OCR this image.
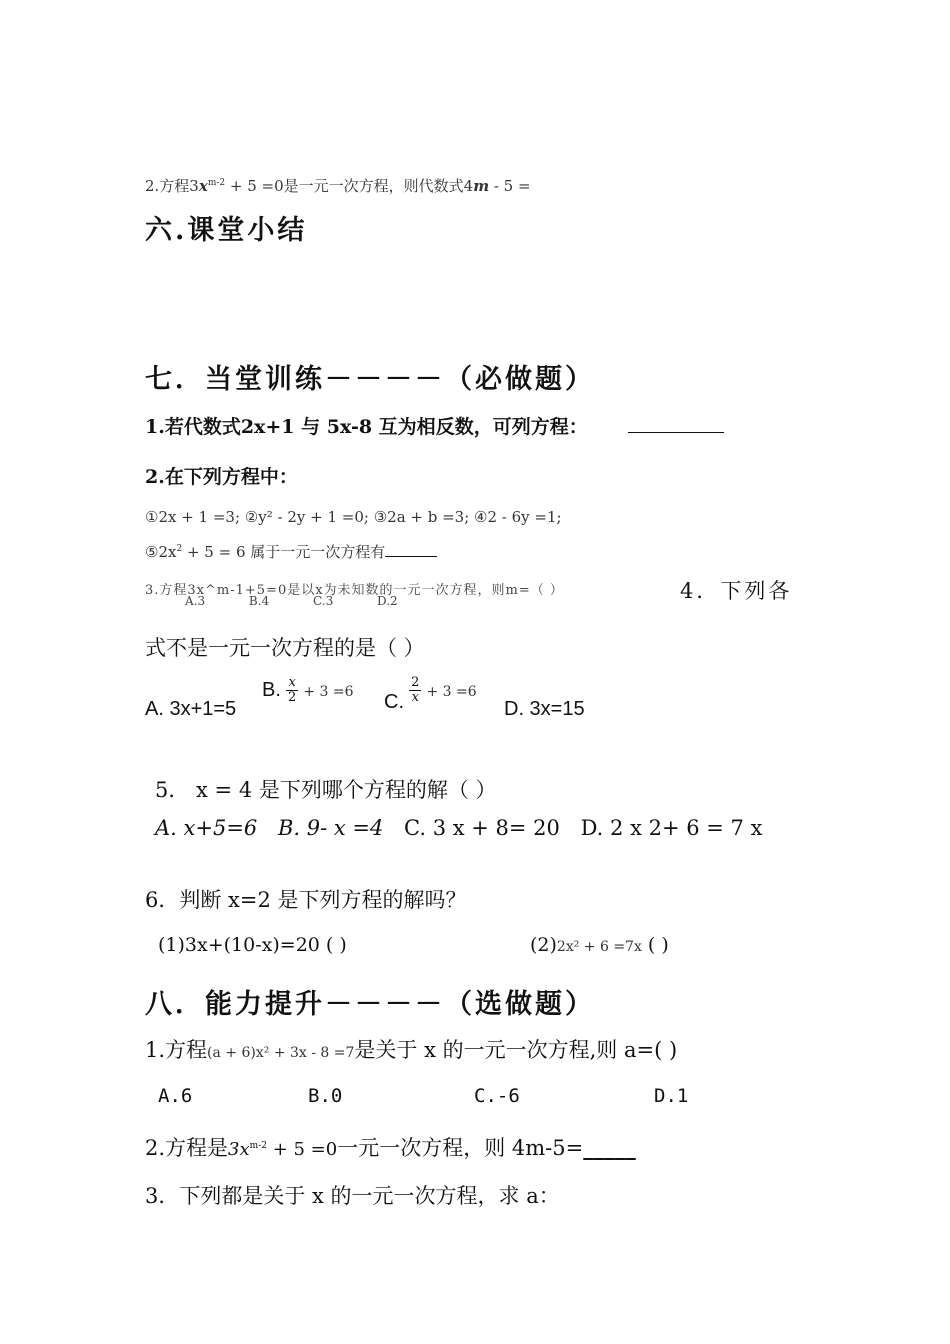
2.方程$3x^{m-2} + 5 =0$是一元一次方程，则代数式4m - 5 =
六.课堂小结
七．当堂训练－－－－（必做题）
1.若代数式2x+1 与 5x-8 互为相反数，可列方程：
2.在下列方程中：
①2x + 1 =3; ②y² - 2y + 1 =0; ③2a + b =3; ④2 - 6y =1;
$⑤2x^2 + 5 = 6$ 属于一元一次方程有
3.方程3x^m-1+5=0是以x为未知数的一元一次方程，则m=（ ）
A.3 B.4 C.3 D.2	4．下列各
式不是一元一次方程的是（ ）
A. 3x+1=5
B. $\frac{x}{2} + 3 =6$ C. $\frac{2}{x} + 3 =6$
D. 3x=15
5． x = 4 是下列哪个方程的解（ ）
A. x+5=6 B. 9- x =4 C. 3 x + 8= 20 D. 2 x 2+ 6 = 7 x
6．判断 x=2 是下列方程的解吗？
(1)3x+(10-x)=20 ( )	(2)2x² + 6 =7x ( )
八．能力提升－－－－（选做题）
1.方程(a + 6)x² + 3x - 8 =7是关于 x 的一元一次方程,则 a=( )
A.6	B.0	C.-6	D.1
2.方程是$3x^{m-2} + 5 =0$一元一次方程，则 4m-5=_____
3．下列都是关于 x 的一元一次方程，求 a：
